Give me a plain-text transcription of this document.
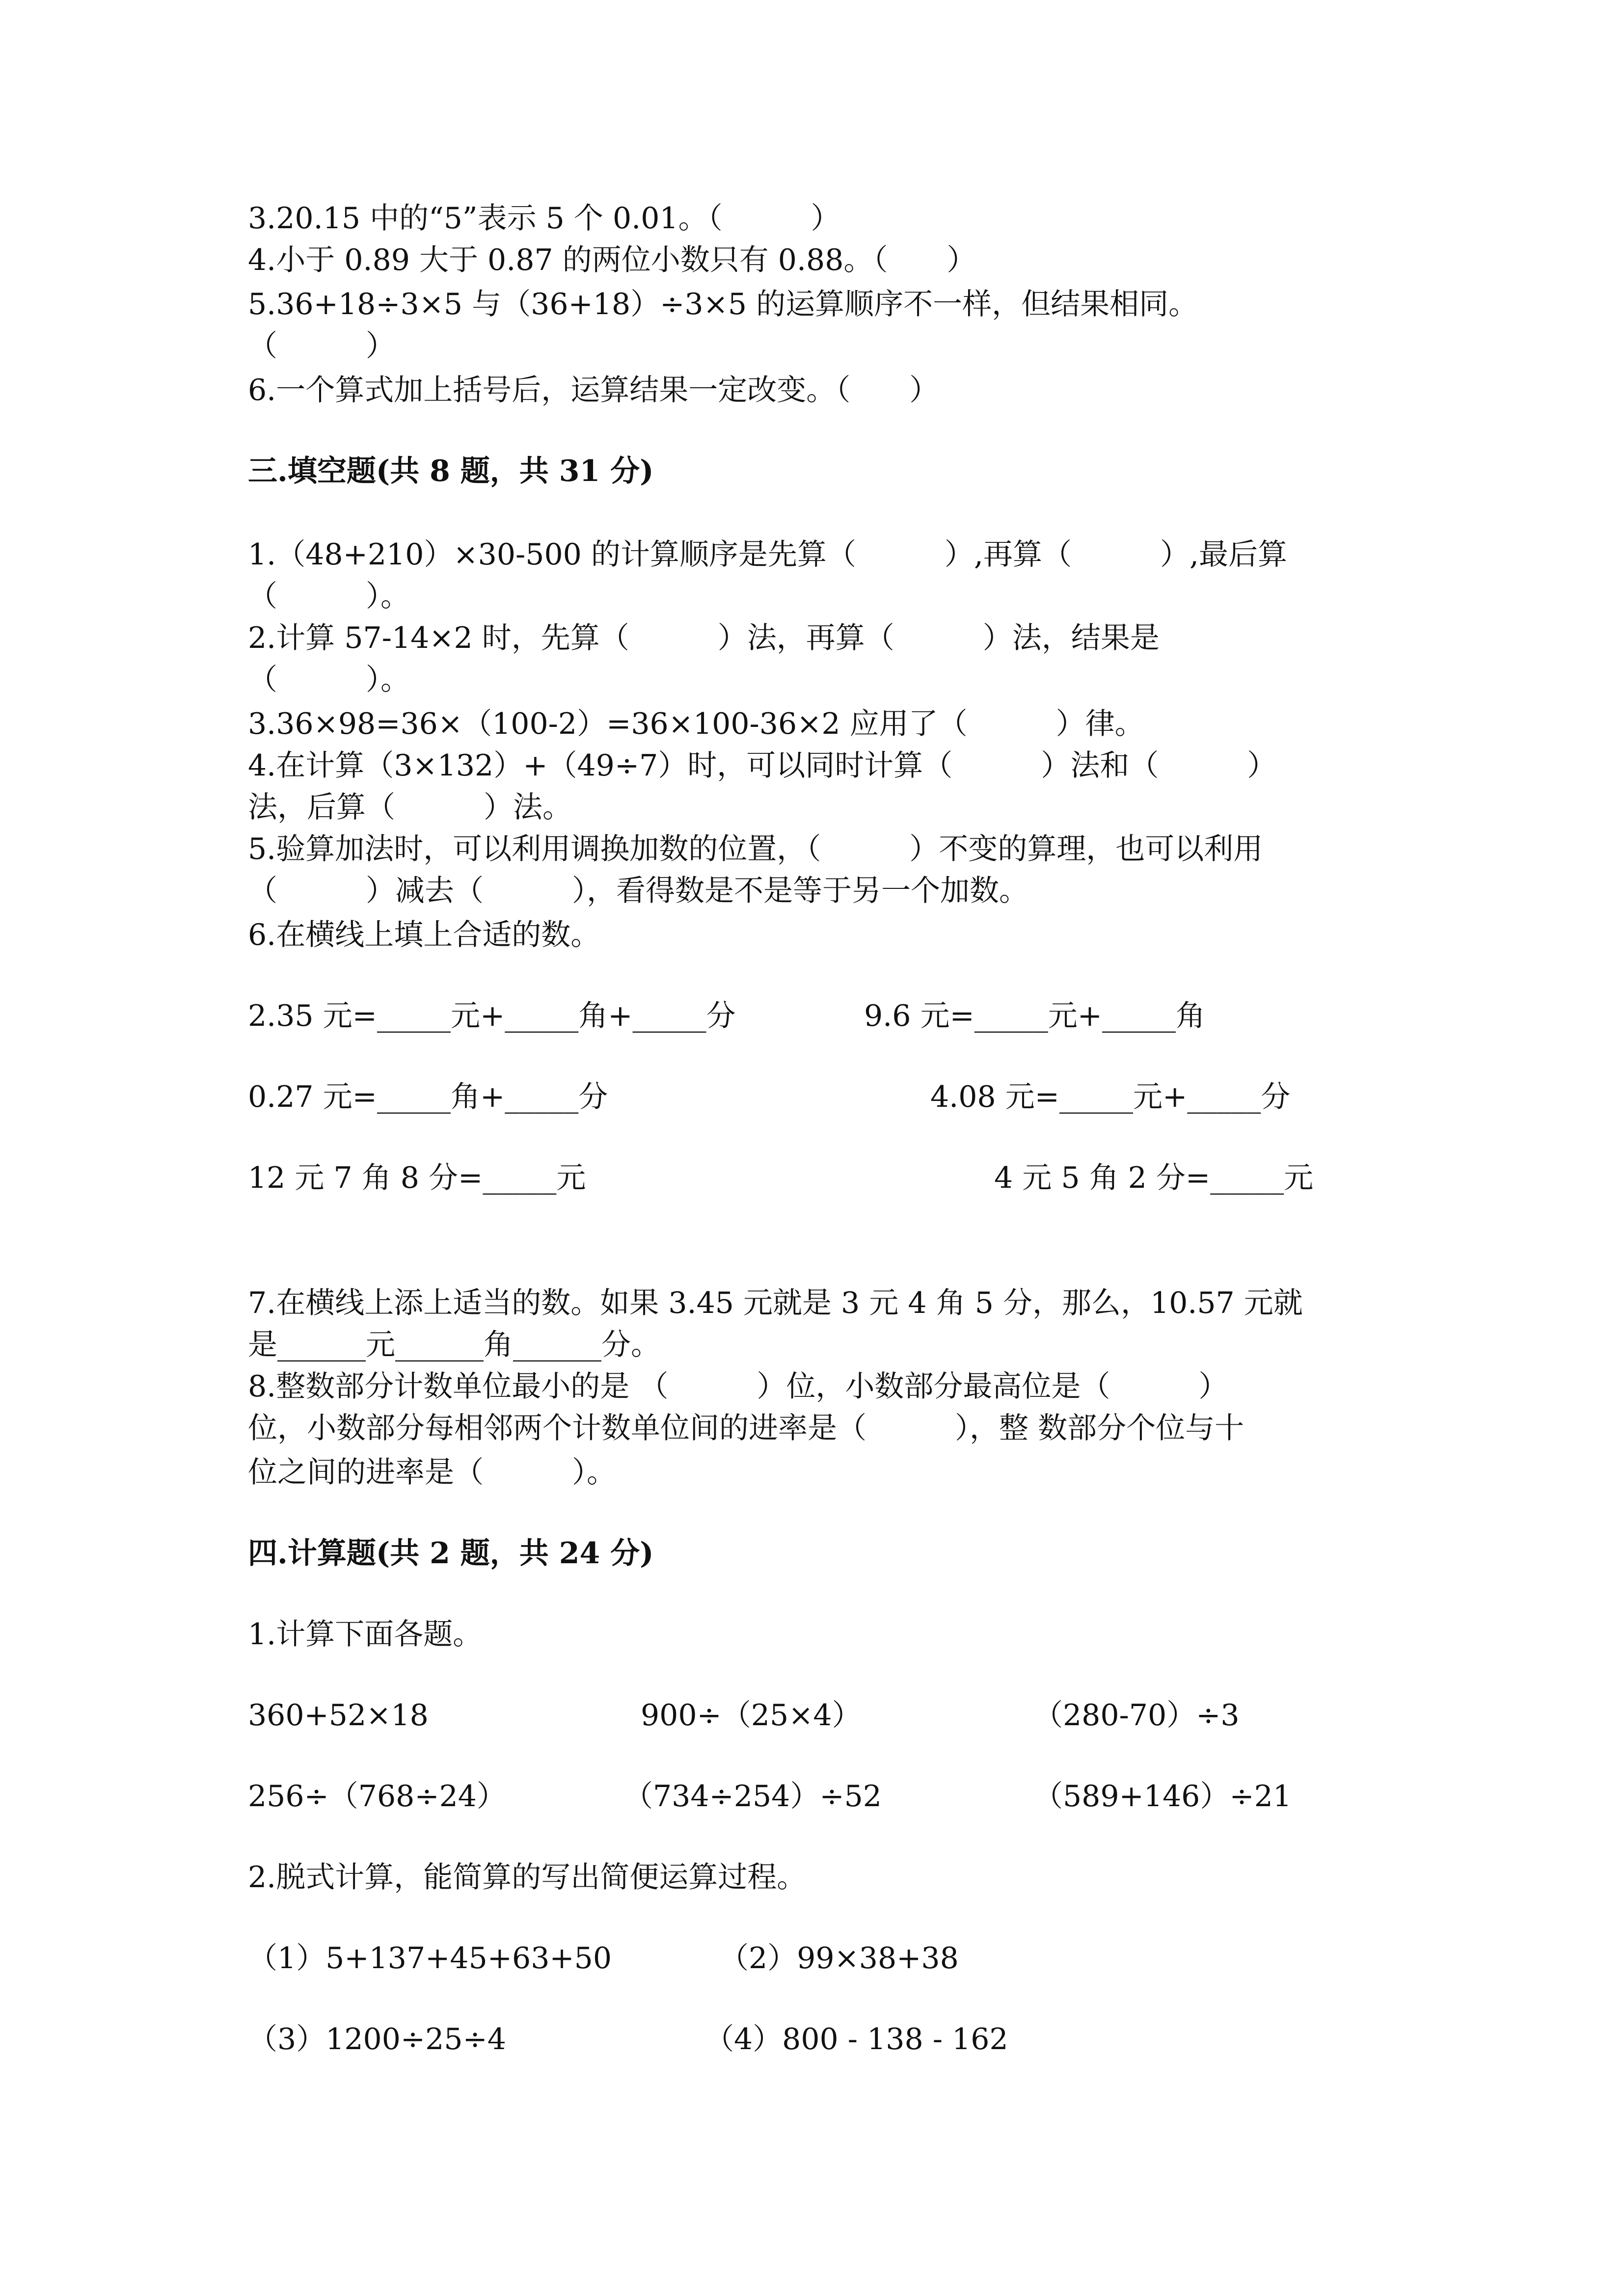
3.20.15 中的“5”表示 5 个 0.01。（　　　）

4.小于 0.89 大于 0.87 的两位小数只有 0.88。（　　）

5.36+18÷3×5 与（36+18）÷3×5 的运算顺序不一样，但结果相同。

（　　　）

6.一个算式加上括号后，运算结果一定改变。（　　）

三.填空题(共 8 题，共 31 分)

1.（48+210）×30-500 的计算顺序是先算（　　　）,再算（　　　）,最后算

（　　　）。

2.计算 57-14×2 时，先算（　　　）法，再算（　　　）法，结果是

（　　　）。

3.36×98=36×（100-2）=36×100-36×2 应用了（　　　）律。

4.在计算（3×132）+（49÷7）时，可以同时计算（　　　）法和（　　　）

法，后算（　　　）法。

5.验算加法时，可以利用调换加数的位置，（　　　）不变的算理，也可以利用

（　　　）减去（　　　），看得数是不是等于另一个加数。

6.在横线上填上合适的数。

2.35 元=_____元+_____角+_____分	9.6 元=_____元+_____角

0.27 元=_____角+_____分	4.08 元=_____元+_____分

12 元 7 角 8 分=_____元	4 元 5 角 2 分=_____元

7.在横线上添上适当的数。如果 3.45 元就是 3 元 4 角 5 分，那么，10.57 元就

是______元______角______分。

8.整数部分计数单位最小的是 （　　　）位，小数部分最高位是（　　　）

位，小数部分每相邻两个计数单位间的进率是（　　　），整 数部分个位与十

位之间的进率是（　　　）。

四.计算题(共 2 题，共 24 分)

1.计算下面各题。

360+52×18	900÷（25×4）	（280-70）÷3

256÷（768÷24）	（734÷254）÷52	（589+146）÷21

2.脱式计算，能简算的写出简便运算过程。

（1）5+137+45+63+50	（2）99×38+38

（3）1200÷25÷4	（4）800 - 138 - 162
